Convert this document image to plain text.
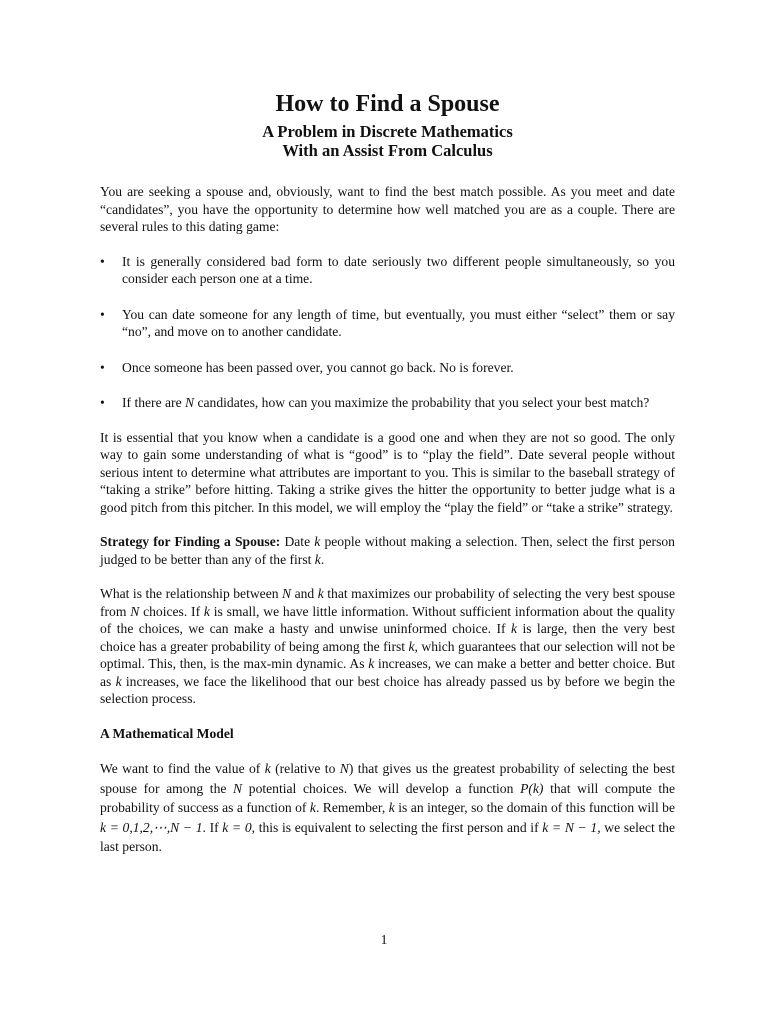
How to Find a Spouse
A Problem in Discrete Mathematics
With an Assist From Calculus

You are seeking a spouse and, obviously, want to find the best match possible. As you meet and date “candidates”, you have the opportunity to determine how well matched you are as a couple. There are several rules to this dating game:

• It is generally considered bad form to date seriously two different people simultaneously, so you consider each person one at a time.

• You can date someone for any length of time, but eventually, you must either “select” them or say “no”, and move on to another candidate.

• Once someone has been passed over, you cannot go back. No is forever.

• If there are N candidates, how can you maximize the probability that you select your best match?

It is essential that you know when a candidate is a good one and when they are not so good. The only way to gain some understanding of what is “good” is to “play the field”. Date several people without serious intent to determine what attributes are important to you. This is similar to the baseball strategy of “taking a strike” before hitting. Taking a strike gives the hitter the opportunity to better judge what is a good pitch from this pitcher. In this model, we will employ the “play the field” or “take a strike” strategy.

Strategy for Finding a Spouse: Date k people without making a selection. Then, select the first person judged to be better than any of the first k.

What is the relationship between N and k that maximizes our probability of selecting the very best spouse from N choices. If k is small, we have little information. Without sufficient information about the quality of the choices, we can make a hasty and unwise uninformed choice. If k is large, then the very best choice has a greater probability of being among the first k, which guarantees that our selection will not be optimal. This, then, is the max-min dynamic. As k increases, we can make a better and better choice. But as k increases, we face the likelihood that our best choice has already passed us by before we begin the selection process.

A Mathematical Model

We want to find the value of k (relative to N) that gives us the greatest probability of selecting the best spouse for among the N potential choices. We will develop a function P(k) that will compute the probability of success as a function of k. Remember, k is an integer, so the domain of this function will be k = 0,1,2,⋯,N − 1. If k = 0, this is equivalent to selecting the first person and if k = N − 1, we select the last person.

1
